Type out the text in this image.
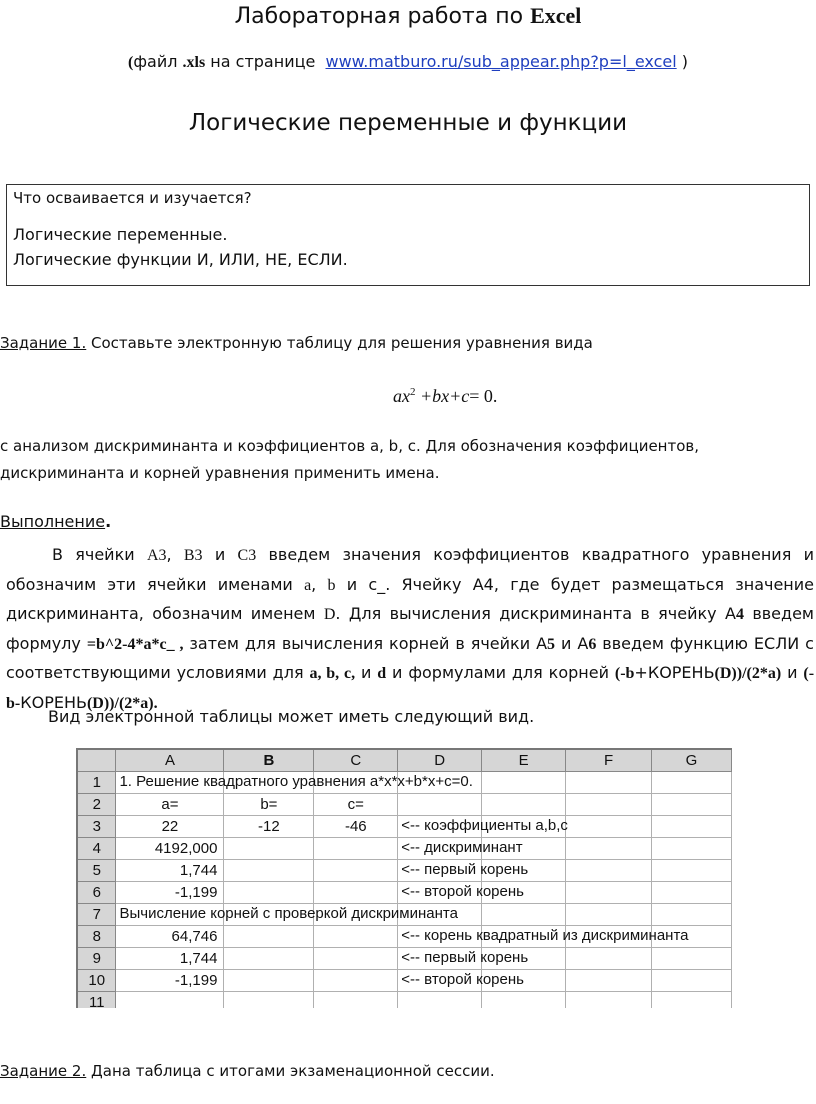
Лабораторная работа по Excel
(файл .xls на странице www.matburo.ru/sub_appear.php?p=l_excel )
Логические переменные и функции
Что осваивается и изучается?
Логические переменные.
Логические функции И, ИЛИ, НЕ, ЕСЛИ.
Задание 1. Составьте электронную таблицу для решения уравнения вида
$ax^2 +bx+c= 0$.
с анализом дискриминанта и коэффициентов a, b, c. Для обозначения коэффициентов,
дискриминанта и корней уравнения применить имена.
Выполнение.
В ячейки А3, В3 и С3 введем значения коэффициентов квадратного уравнения и обозначим эти ячейки именами a, b и c_. Ячейку А4, где будет размещаться значение дискриминанта, обозначим именем D. Для вычисления дискриминанта в ячейку А4 введем формулу =b^2-4*a*c_ , затем для вычисления корней в ячейки А5 и А6 введем функцию ЕСЛИ с соответствующими условиями для a, b, c, и d и формулами для корней (-b+КОРЕНЬ(D))/(2*a) и (-b-КОРЕНЬ(D))/(2*a).
Вид электронной таблицы может иметь следующий вид.
	A	B	C	D	E	F	G
1	1. Решение квадратного уравнения a*x*x+b*x+c=0.						

2	a=	b=	c=				
3	22	-12	-46	<-- коэффициенты a,b,c			

4	4192,000			<-- дискриминант			

5	1,744			<-- первый корень			

6	-1,199			<-- второй корень			

7	Вычисление корней с проверкой дискриминанта						

8	64,746			<-- корень квадратный из дискриминанта			

9	1,744			<-- первый корень			

10	-1,199			<-- второй корень			

11							
Задание 2. Дана таблица с итогами экзаменационной сессии.
